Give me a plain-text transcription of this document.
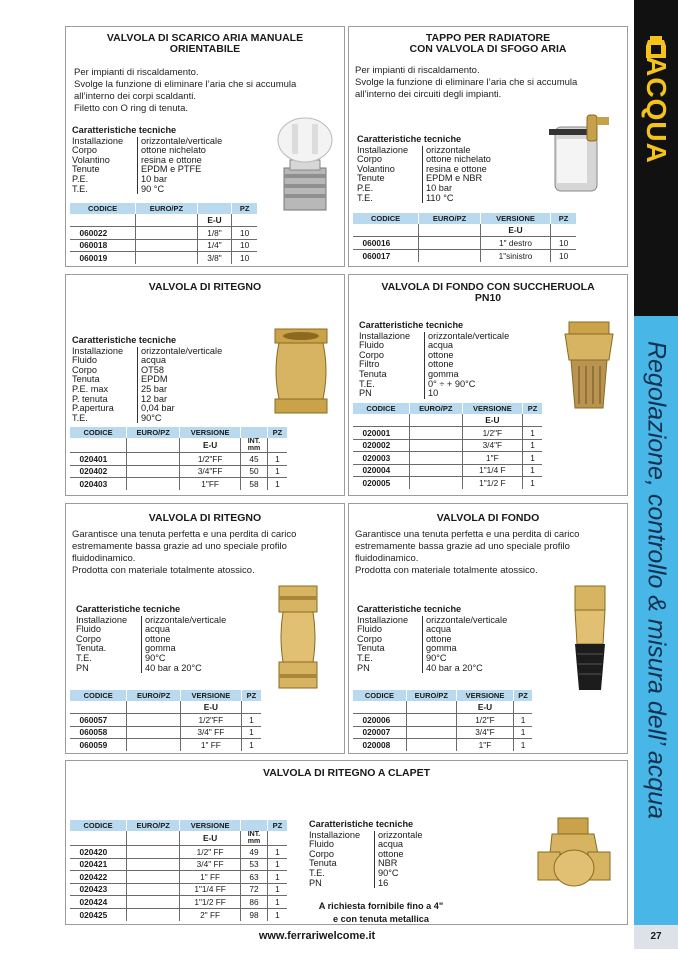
VALVOLA DI SCARICO ARIA MANUALE
ORIENTABILE
Per impianti di riscaldamento.
Svolge la funzione di eliminare l’aria che si accumula
all’interno dei corpi scaldanti.
Filetto con O ring di tenuta.
Caratteristiche tecniche
Installazione	orizzontale/verticale
Corpo	ottone nichelato
Volantino	resina e ottone
Tenute	EPDM e PTFE
P.E.	10 bar
T.E.	90 °C
CODICE	EURO/PZ		PZ
		E-U	
060022		1/8"	10
060018		1/4"	10
060019		3/8"	10
TAPPO PER RADIATORE
CON VALVOLA DI SFOGO ARIA
Per impianti di riscaldamento.
Svolge la funzione di eliminare l’aria che si accumula
all’interno dei circuiti degli impianti.
Caratteristiche tecniche
Installazione	orizzontale
Corpo	ottone nichelato
Volantino	resina e ottone
Tenute	EPDM e NBR
P.E.	10 bar
T.E.	110 °C
CODICE	EURO/PZ	VERSIONE	PZ
		E-U	
060016		1" destro	10
060017		1"sinistro	10
VALVOLA DI RITEGNO
Caratteristiche tecniche
Installazione	orizzontale/verticale
Fluido	acqua
Corpo	OT58
Tenuta	EPDM
P.E. max	25 bar
P. tenuta	12 bar
P.apertura	0,04 bar
T.E.	90°C
CODICE	EURO/PZ	VERSIONE		PZ
		E-U	INT.
mm	

020401		1/2"FF	45	1
020402		3/4"FF	50	1
020403		1"FF	58	1
VALVOLA DI FONDO CON SUCCHERUOLA
PN10
Caratteristiche tecniche
Installazione	orizzontale/verticale
Fluido	acqua
Corpo	ottone
Filtro	ottone
Tenuta	gomma
T.E.	0° ÷ + 90°C
PN	10
CODICE	EURO/PZ	VERSIONE	PZ
		E-U	
020001		1/2"F	1
020002		3/4"F	1
020003		1"F	1
020004		1"1/4 F	1
020005		1"1/2 F	1
VALVOLA DI RITEGNO
Garantisce una tenuta perfetta e una perdita di carico
estremamente bassa grazie ad uno speciale profilo
fluidodinamico.
Prodotta con materiale totalmente atossico.
Caratteristiche tecniche
Installazione	orizzontale/verticale
Fluido	acqua
Corpo	ottone
Tenuta.	gomma
T.E.	90°C
PN	40 bar a 20°C
CODICE	EURO/PZ	VERSIONE	PZ
		E-U	
060057		1/2"FF	1
060058		3/4" FF	1
060059		1" FF	1
VALVOLA DI FONDO
Garantisce una tenuta perfetta e una perdita di carico
estremamente bassa grazie ad uno speciale profilo
fluidodinamico.
Prodotta con materiale totalmente atossico.
Caratteristiche tecniche
Installazione	orizzontale/verticale
Fluido	acqua
Corpo	ottone
Tenuta	gomma
T.E.	90°C
PN	40 bar a 20°C
CODICE	EURO/PZ	VERSIONE	PZ
		E-U	
020006		1/2"F	1
020007		3/4"F	1
020008		1"F	1
VALVOLA DI RITEGNO A CLAPET
CODICE	EURO/PZ	VERSIONE		PZ
		E-U	INT.
mm	

020420		1/2" FF	49	1
020421		3/4" FF	53	1
020422		1" FF	63	1
020423		1"1/4 FF	72	1
020424		1"1/2 FF	86	1
020425		2" FF	98	1
Caratteristiche tecniche
Installazione	orizzontale
Fluido	acqua
Corpo	ottone
Tenuta	NBR
T.E.	90°C
PN	16
A richiesta fornibile fino a 4"
e con tenuta metallica
ACQUA
Regolazione, controllo & misura dell’ acqua
27
www.ferrariwelcome.it
